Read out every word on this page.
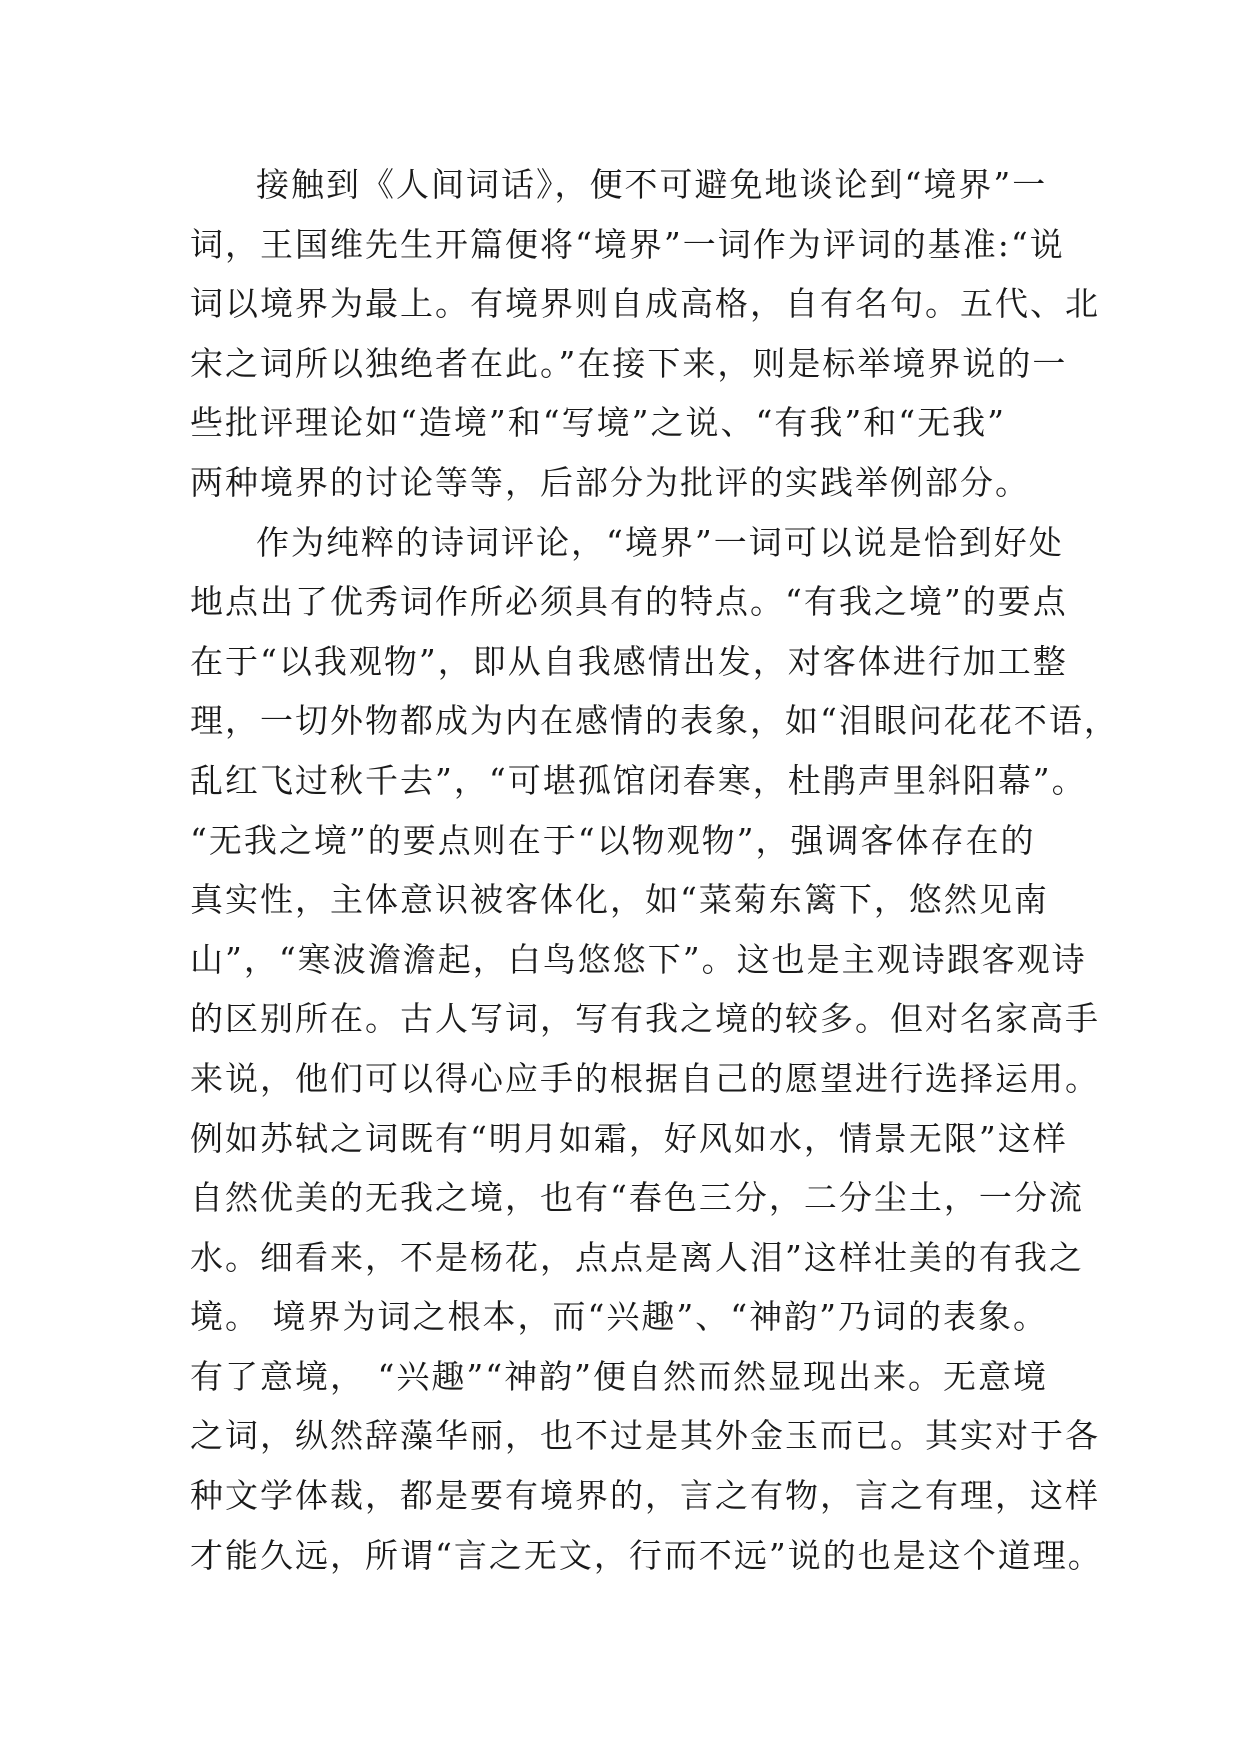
接触到《人间词话》，便不可避免地谈论到“境界”一
词，王国维先生开篇便将“境界”一词作为评词的基准:“说
词以境界为最上。有境界则自成高格，自有名句。五代、北
宋之词所以独绝者在此。”在接下来，则是标举境界说的一
些批评理论如“造境”和“写境”之说、“有我”和“无我”
两种境界的讨论等等，后部分为批评的实践举例部分。
作为纯粹的诗词评论，“境界”一词可以说是恰到好处
地点出了优秀词作所必须具有的特点。“有我之境”的要点
在于“以我观物”，即从自我感情出发，对客体进行加工整
理，一切外物都成为内在感情的表象，如“泪眼问花花不语，
乱红飞过秋千去”，“可堪孤馆闭春寒，杜鹃声里斜阳幕”。
“无我之境”的要点则在于“以物观物”，强调客体存在的
真实性，主体意识被客体化，如“菜菊东篱下，悠然见南
山”，“寒波澹澹起，白鸟悠悠下”。这也是主观诗跟客观诗
的区别所在。古人写词，写有我之境的较多。但对名家高手
来说，他们可以得心应手的根据自己的愿望进行选择运用。
例如苏轼之词既有“明月如霜，好风如水，情景无限”这样
自然优美的无我之境，也有“春色三分，二分尘土，一分流
水。细看来，不是杨花，点点是离人泪”这样壮美的有我之
境。 境界为词之根本，而“兴趣”、“神韵”乃词的表象。
有了意境， “兴趣”“神韵”便自然而然显现出来。无意境
之词，纵然辞藻华丽，也不过是其外金玉而已。其实对于各
种文学体裁，都是要有境界的，言之有物，言之有理，这样
才能久远，所谓“言之无文，行而不远”说的也是这个道理。
